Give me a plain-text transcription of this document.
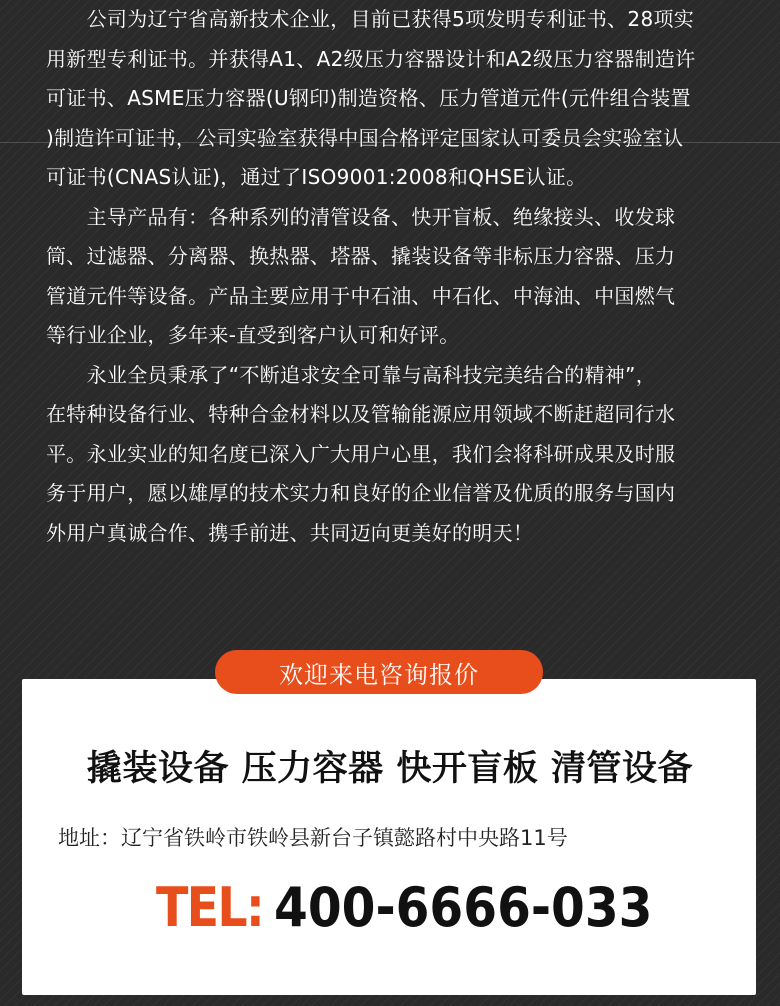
　　公司为辽宁省高新技术企业，目前已获得5项发明专利证书、28项实

用新型专利证书。并获得A1、A2级压力容器设计和A2级压力容器制造许

可证书、ASME压力容器(U钢印)制造资格、压力管道元件(元件组合装置

)制造许可证书，公司实验室获得中国合格评定国家认可委员会实验室认

可证书(CNAS认证)，通过了ISO9001:2008和QHSE认证。

　　主导产品有：各种系列的清管设备、快开盲板、绝缘接头、收发球

筒、过滤器、分离器、换热器、塔器、撬装设备等非标压力容器、压力

管道元件等设备。产品主要应用于中石油、中石化、中海油、中国燃气

等行业企业，多年来-直受到客户认可和好评。

　　永业全员秉承了“不断追求安全可靠与高科技完美结合的精神”，

在特种设备行业、特种合金材料以及管输能源应用领域不断赶超同行水

平。永业实业的知名度已深入广大用户心里，我们会将科研成果及时服

务于用户，愿以雄厚的技术实力和良好的企业信誉及优质的服务与国内

外用户真诚合作、携手前进、共同迈向更美好的明天！

欢迎来电咨询报价
撬装设备 压力容器 快开盲板 清管设备
地址：辽宁省铁岭市铁岭县新台子镇懿路村中央路11号
TEL: 400-6666-033
